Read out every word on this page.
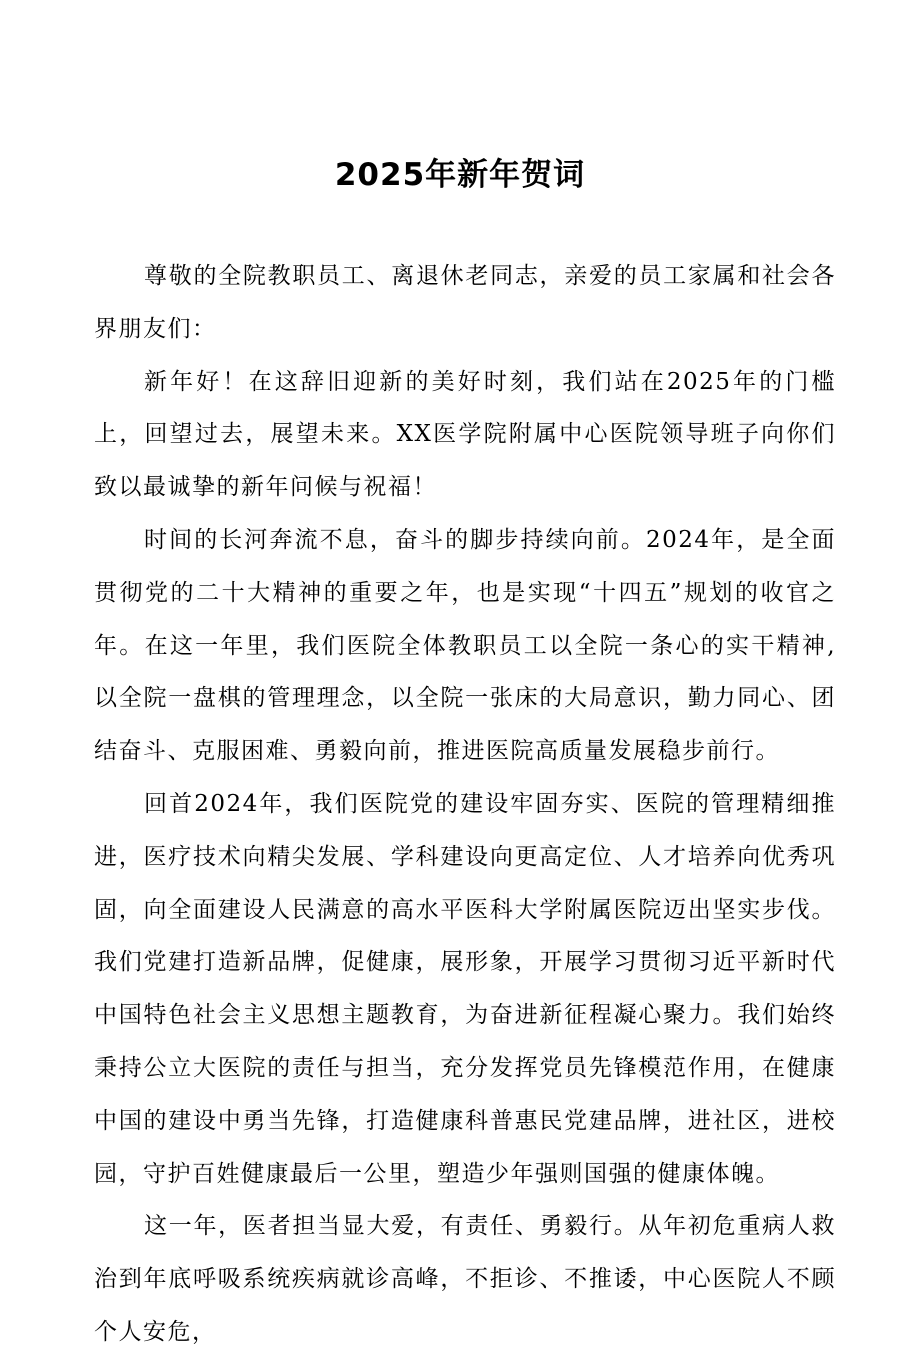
2025年新年贺词

尊敬的全院教职员工、离退休老同志，亲爱的员工家属和社会各界朋友们：

新年好！在这辞旧迎新的美好时刻，我们站在2025年的门槛上，回望过去，展望未来。XX医学院附属中心医院领导班子向你们致以最诚挚的新年问候与祝福！

时间的长河奔流不息，奋斗的脚步持续向前。2024年，是全面贯彻党的二十大精神的重要之年，也是实现“十四五”规划的收官之年。在这一年里，我们医院全体教职员工以全院一条心的实干精神,以全院一盘棋的管理理念，以全院一张床的大局意识，勤力同心、团结奋斗、克服困难、勇毅向前，推进医院高质量发展稳步前行。

回首2024年，我们医院党的建设牢固夯实、医院的管理精细推进，医疗技术向精尖发展、学科建设向更高定位、人才培养向优秀巩固，向全面建设人民满意的高水平医科大学附属医院迈出坚实步伐。我们党建打造新品牌，促健康，展形象，开展学习贯彻习近平新时代中国特色社会主义思想主题教育，为奋进新征程凝心聚力。我们始终秉持公立大医院的责任与担当，充分发挥党员先锋模范作用，在健康中国的建设中勇当先锋，打造健康科普惠民党建品牌，进社区，进校园，守护百姓健康最后一公里，塑造少年强则国强的健康体魄。

这一年，医者担当显大爱，有责任、勇毅行。从年初危重病人救治到年底呼吸系统疾病就诊高峰，不拒诊、不推诿，中心医院人不顾个人安危，
